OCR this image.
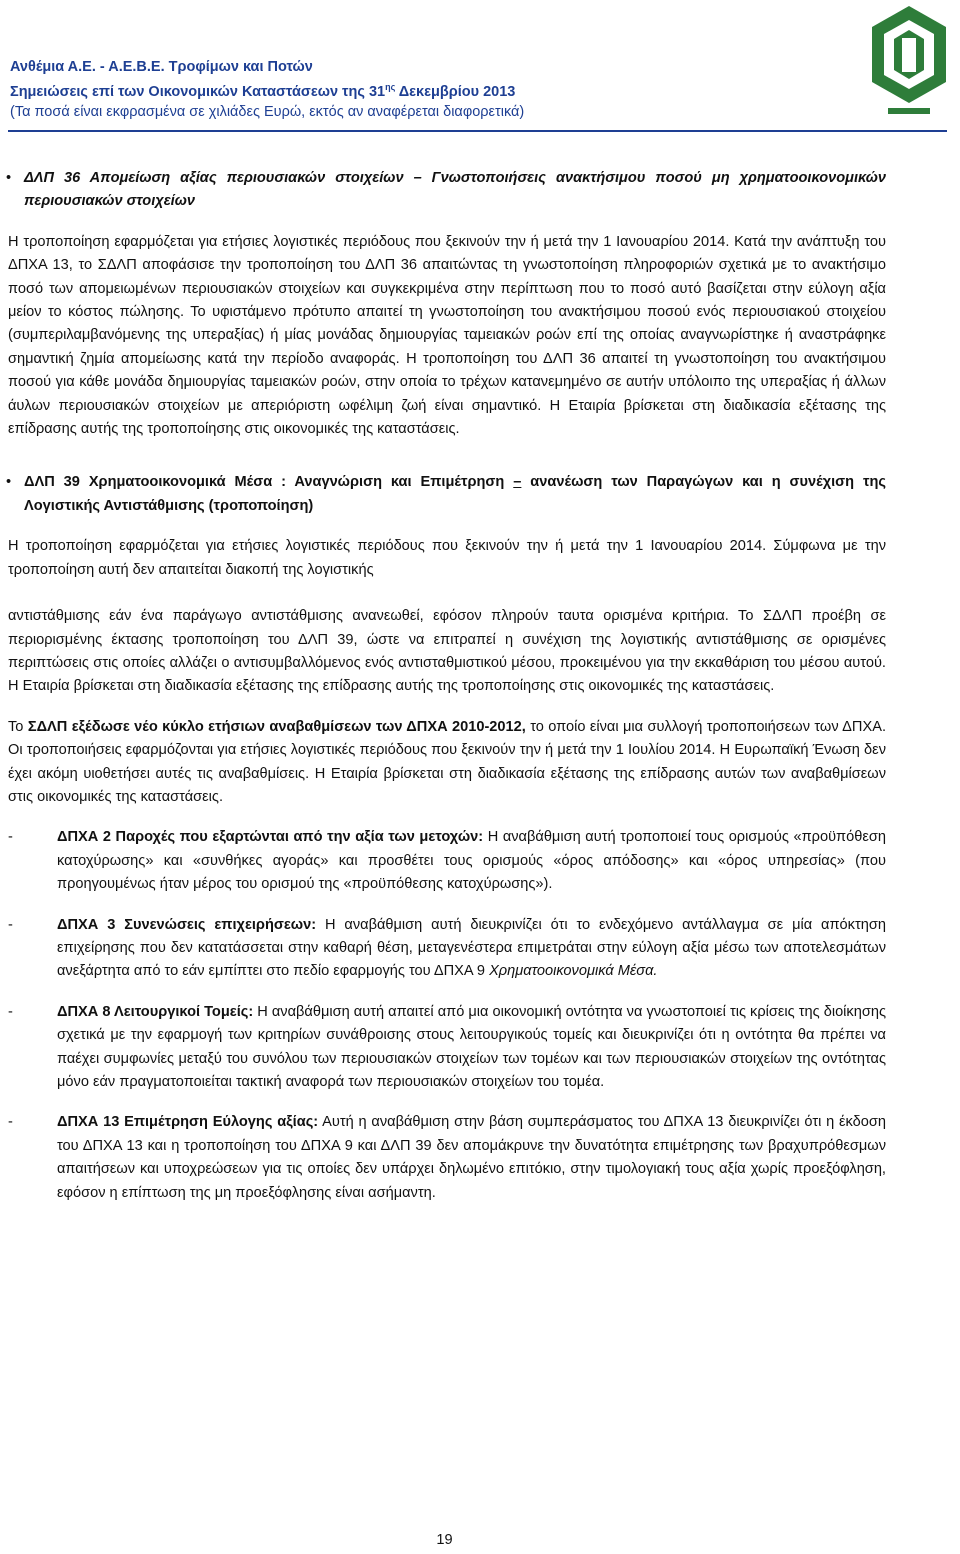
Ανθέμια Α.Ε. - Α.Ε.Β.Ε. Τροφίμων και Ποτών
Σημειώσεις επί των Οικονομικών Καταστάσεων της $31^{\eta\varsigma}$ Δεκεμβρίου 2013
(Τα ποσά είναι εκφρασμένα σε χιλιάδες Ευρώ, εκτός αν αναφέρεται διαφορετικά)

• ΔΛΠ 36 Απομείωση αξίας περιουσιακών στοιχείων – Γνωστοποιήσεις ανακτήσιμου ποσού μη χρηματοοικονομικών περιουσιακών στοιχείων

Η τροποποίηση εφαρμόζεται για ετήσιες λογιστικές περιόδους που ξεκινούν την ή μετά την 1 Ιανουαρίου 2014. Κατά την ανάπτυξη του ΔΠΧΑ 13, το ΣΔΛΠ αποφάσισε την τροποποίηση του ΔΛΠ 36 απαιτώντας τη γνωστοποίηση πληροφοριών σχετικά με το ανακτήσιμο ποσό των απομειωμένων περιουσιακών στοιχείων και συγκεκριμένα στην περίπτωση που το ποσό αυτό βασίζεται στην εύλογη αξία μείον το κόστος πώλησης. Το υφιστάμενο πρότυπο απαιτεί τη γνωστοποίηση του ανακτήσιμου ποσού ενός περιουσιακού στοιχείου (συμπεριλαμβανόμενης της υπεραξίας) ή μίας μονάδας δημιουργίας ταμειακών ροών επί της οποίας αναγνωρίστηκε ή αναστράφηκε σημαντική ζημία απομείωσης κατά την περίοδο αναφοράς. Η τροποποίηση του ΔΛΠ 36 απαιτεί τη γνωστοποίηση του ανακτήσιμου ποσού για κάθε μονάδα δημιουργίας ταμειακών ροών, στην οποία το τρέχων κατανεμημένο σε αυτήν υπόλοιπο της υπεραξίας ή άλλων άυλων περιουσιακών στοιχείων με απεριόριστη ωφέλιμη ζωή είναι σημαντικό. Η Εταιρία βρίσκεται στη διαδικασία εξέτασης της επίδρασης αυτής της τροποποίησης στις οικονομικές της καταστάσεις.

• ΔΛΠ 39 Χρηματοοικονομικά Μέσα : Αναγνώριση και Επιμέτρηση – ανανέωση των Παραγώγων και η συνέχιση της Λογιστικής Αντιστάθμισης (τροποποίηση)

Η τροποποίηση εφαρμόζεται για ετήσιες λογιστικές περιόδους που ξεκινούν την ή μετά την 1 Ιανουαρίου 2014. Σύμφωνα με την τροποποίηση αυτή δεν απαιτείται διακοπή της λογιστικής

αντιστάθμισης εάν ένα παράγωγο αντιστάθμισης ανανεωθεί, εφόσον πληρούν ταυτα ορισμένα κριτήρια. Το ΣΔΛΠ προέβη σε περιορισμένης έκτασης τροποποίηση του ΔΛΠ 39, ώστε να επιτραπεί η συνέχιση της λογιστικής αντιστάθμισης σε ορισμένες περιπτώσεις στις οποίες αλλάζει ο αντισυμβαλλόμενος ενός αντισταθμιστικού μέσου, προκειμένου για την εκκαθάριση του μέσου αυτού. Η Εταιρία βρίσκεται στη διαδικασία εξέτασης της επίδρασης αυτής της τροποποίησης στις οικονομικές της καταστάσεις.

Το ΣΔΛΠ εξέδωσε νέο κύκλο ετήσιων αναβαθμίσεων των ΔΠΧΑ 2010-2012, το οποίο είναι μια συλλογή τροποποιήσεων των ΔΠΧΑ. Οι τροποποιήσεις εφαρμόζονται για ετήσιες λογιστικές περιόδους που ξεκινούν την ή μετά την 1 Ιουλίου 2014. Η Ευρωπαϊκή Ένωση δεν έχει ακόμη υιοθετήσει αυτές τις αναβαθμίσεις. Η Εταιρία βρίσκεται στη διαδικασία εξέτασης της επίδρασης αυτών των αναβαθμίσεων στις οικονομικές της καταστάσεις.

-	ΔΠΧΑ 2 Παροχές που εξαρτώνται από την αξία των μετοχών: Η αναβάθμιση αυτή τροποποιεί τους ορισμούς «προϋπόθεση κατοχύρωσης» και «συνθήκες αγοράς» και προσθέτει τους ορισμούς «όρος απόδοσης» και «όρος υπηρεσίας» (που προηγουμένως ήταν μέρος του ορισμού της «προϋπόθεσης κατοχύρωσης»).

-	ΔΠΧΑ 3 Συνενώσεις επιχειρήσεων: Η αναβάθμιση αυτή διευκρινίζει ότι το ενδεχόμενο αντάλλαγμα σε μία απόκτηση επιχείρησης που δεν κατατάσσεται στην καθαρή θέση, μεταγενέστερα επιμετράται στην εύλογη αξία μέσω των αποτελεσμάτων ανεξάρτητα από το εάν εμπίπτει στο πεδίο εφαρμογής του ΔΠΧΑ 9 Χρηματοοικονομικά Μέσα.

-	ΔΠΧΑ 8 Λειτουργικοί Τομείς: Η αναβάθμιση αυτή απαιτεί από μια οικονομική οντότητα να γνωστοποιεί τις κρίσεις της διοίκησης σχετικά με την εφαρμογή των κριτηρίων συνάθροισης στους λειτουργικούς τομείς και διευκρινίζει ότι η οντότητα θα πρέπει να παέχει συμφωνίες μεταξύ του συνόλου των περιουσιακών στοιχείων των τομέων και των περιουσιακών στοιχείων της οντότητας μόνο εάν πραγματοποιείται τακτική αναφορά των περιουσιακών στοιχείων του τομέα.

-	ΔΠΧΑ 13 Επιμέτρηση Εύλογης αξίας: Αυτή η αναβάθμιση στην βάση συμπεράσματος του ΔΠΧΑ 13 διευκρινίζει ότι η έκδοση του ΔΠΧΑ 13 και η τροποποίηση του ΔΠΧΑ 9 και ΔΛΠ 39 δεν απομάκρυνε την δυνατότητα επιμέτρησης των βραχυπρόθεσμων απαιτήσεων και υποχρεώσεων για τις οποίες δεν υπάρχει δηλωμένο επιτόκιο, στην τιμολογιακή τους αξία χωρίς προεξόφληση, εφόσον η επίπτωση της μη προεξόφλησης είναι ασήμαντη.

19
